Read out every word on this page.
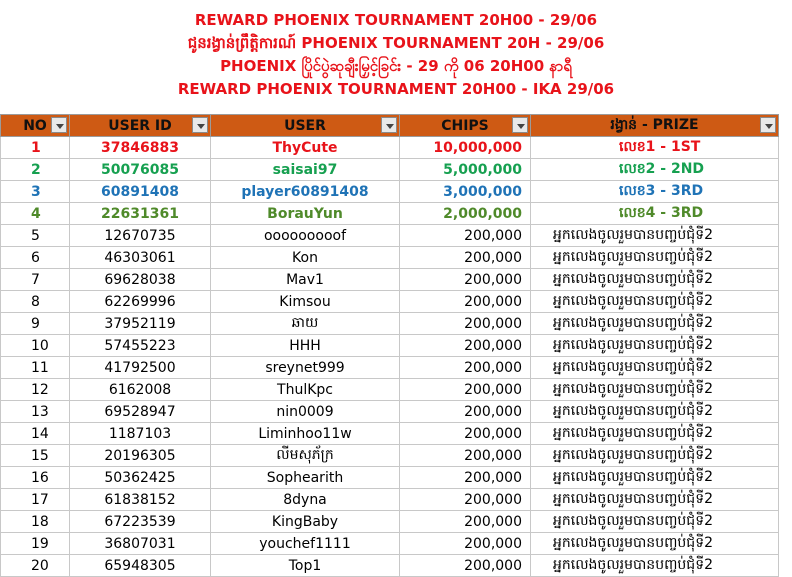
REWARD PHOENIX TOURNAMENT 20H00 - 29/06
ជូនរង្វាន់ព្រឹត្តិការណ៍ PHOENIX TOURNAMENT 20H - 29/06
PHOENIX ပြိုင်ပွဲဆုချီးမြှင့်ခြင်း - 29 ကို 06 20H00 နာရီ
REWARD PHOENIX TOURNAMENT 20H00 - IKA 29/06
NO	USER ID	USER	CHIPS	រង្វាន់ - PRIZE

1	37846883	ThyCute	10,000,000	លេខ1 - 1ST
2	50076085	saisai97	5,000,000	លេខ2 - 2ND
3	60891408	player60891408	3,000,000	លេខ3 - 3RD
4	22631361	BorauYun	2,000,000	លេខ4 - 3RD
5	12670735	ooooooooof	200,000	អ្នកលេងចូលរួមបានបញ្ចប់ជុំទី2
6	46303061	Kon	200,000	អ្នកលេងចូលរួមបានបញ្ចប់ជុំទី2
7	69628038	Mav1	200,000	អ្នកលេងចូលរួមបានបញ្ចប់ជុំទី2
8	62269996	Kimsou	200,000	អ្នកលេងចូលរួមបានបញ្ចប់ជុំទី2
9	37952119	ឆាយ	200,000	អ្នកលេងចូលរួមបានបញ្ចប់ជុំទី2
10	57455223	HHH	200,000	អ្នកលេងចូលរួមបានបញ្ចប់ជុំទី2
11	41792500	sreynet999	200,000	អ្នកលេងចូលរួមបានបញ្ចប់ជុំទី2
12	6162008	ThulKpc	200,000	អ្នកលេងចូលរួមបានបញ្ចប់ជុំទី2
13	69528947	nin0009	200,000	អ្នកលេងចូលរួមបានបញ្ចប់ជុំទី2
14	1187103	Liminhoo11w	200,000	អ្នកលេងចូលរួមបានបញ្ចប់ជុំទី2
15	20196305	លីមសុភ័ក្រ	200,000	អ្នកលេងចូលរួមបានបញ្ចប់ជុំទី2
16	50362425	Sophearith	200,000	អ្នកលេងចូលរួមបានបញ្ចប់ជុំទី2
17	61838152	8dyna	200,000	អ្នកលេងចូលរួមបានបញ្ចប់ជុំទី2
18	67223539	KingBaby	200,000	អ្នកលេងចូលរួមបានបញ្ចប់ជុំទី2
19	36807031	youchef1111	200,000	អ្នកលេងចូលរួមបានបញ្ចប់ជុំទី2
20	65948305	Top1	200,000	អ្នកលេងចូលរួមបានបញ្ចប់ជុំទី2
